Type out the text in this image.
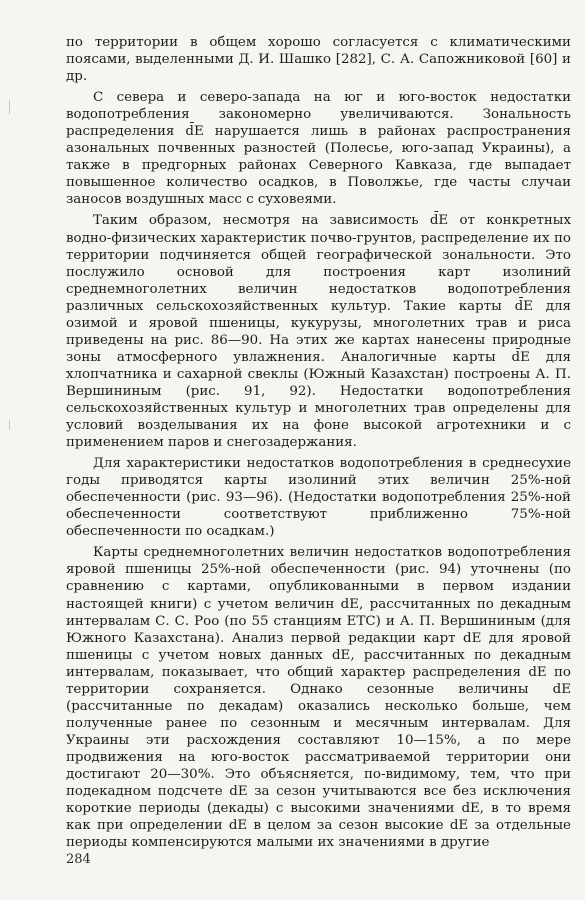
по территории в общем хорошо согласуется с климатическими поясами, выделенными Д. И. Шашко [282], С. А. Сапожниковой [60] и др.

С севера и северо-запада на юг и юго-восток недостатки водопотребления закономерно увеличиваются. Зональность распределения d̄E нарушается лишь в районах распространения азональных почвенных разностей (Полесье, юго-запад Украины), а также в предгорных районах Северного Кавказа, где выпадает повышенное количество осадков, в Поволжье, где часты случаи заносов воздушных масс с суховеями.

Таким образом, несмотря на зависимость d̄E от конкретных водно-физических характеристик почво-грунтов, распределение их по территории подчиняется общей географической зональности. Это послужило основой для построения карт изолиний среднемноголетних величин недостатков водопотребления различных сельскохозяйственных культур. Такие карты d̄E для озимой и яровой пшеницы, кукурузы, многолетних трав и риса приведены на рис. 86—90. На этих же картах нанесены природные зоны атмосферного увлажнения. Аналогичные карты d̄E для хлопчатника и сахарной свеклы (Южный Казахстан) построены А. П. Вершининым (рис. 91, 92). Недостатки водопотребления сельскохозяйственных культур и многолетних трав определены для условий возделывания их на фоне высокой агротехники и с применением паров и снегозадержания.

Для характеристики недостатков водопотребления в среднесухие годы приводятся карты изолиний этих величин 25%-ной обеспеченности (рис. 93—96). (Недостатки водопотребления 25%-ной обеспеченности соответствуют приближенно 75%-ной обеспеченности по осадкам.)

Карты среднемноголетних величин недостатков водопотребления яровой пшеницы 25%-ной обеспеченности (рис. 94) уточнены (по сравнению с картами, опубликованными в первом издании настоящей книги) с учетом величин dE, рассчитанных по декадным интервалам С. С. Роо (по 55 станциям ЕТС) и А. П. Вершининым (для Южного Казахстана). Анализ первой редакции карт dE для яровой пшеницы с учетом новых данных dE, рассчитанных по декадным интервалам, показывает, что общий характер распределения dE по территории сохраняется. Однако сезонные величины dE (рассчитанные по декадам) оказались несколько больше, чем полученные ранее по сезонным и месячным интервалам. Для Украины эти расхождения составляют 10—15%, а по мере продвижения на юго-восток рассматриваемой территории они достигают 20—30%. Это объясняется, по-видимому, тем, что при подекадном подсчете dE за сезон учитываются все без исключения короткие периоды (декады) с высокими значениями dE, в то время как при определении dE в целом за сезон высокие dE за отдельные периоды компенсируются малыми их значениями в другие

284
